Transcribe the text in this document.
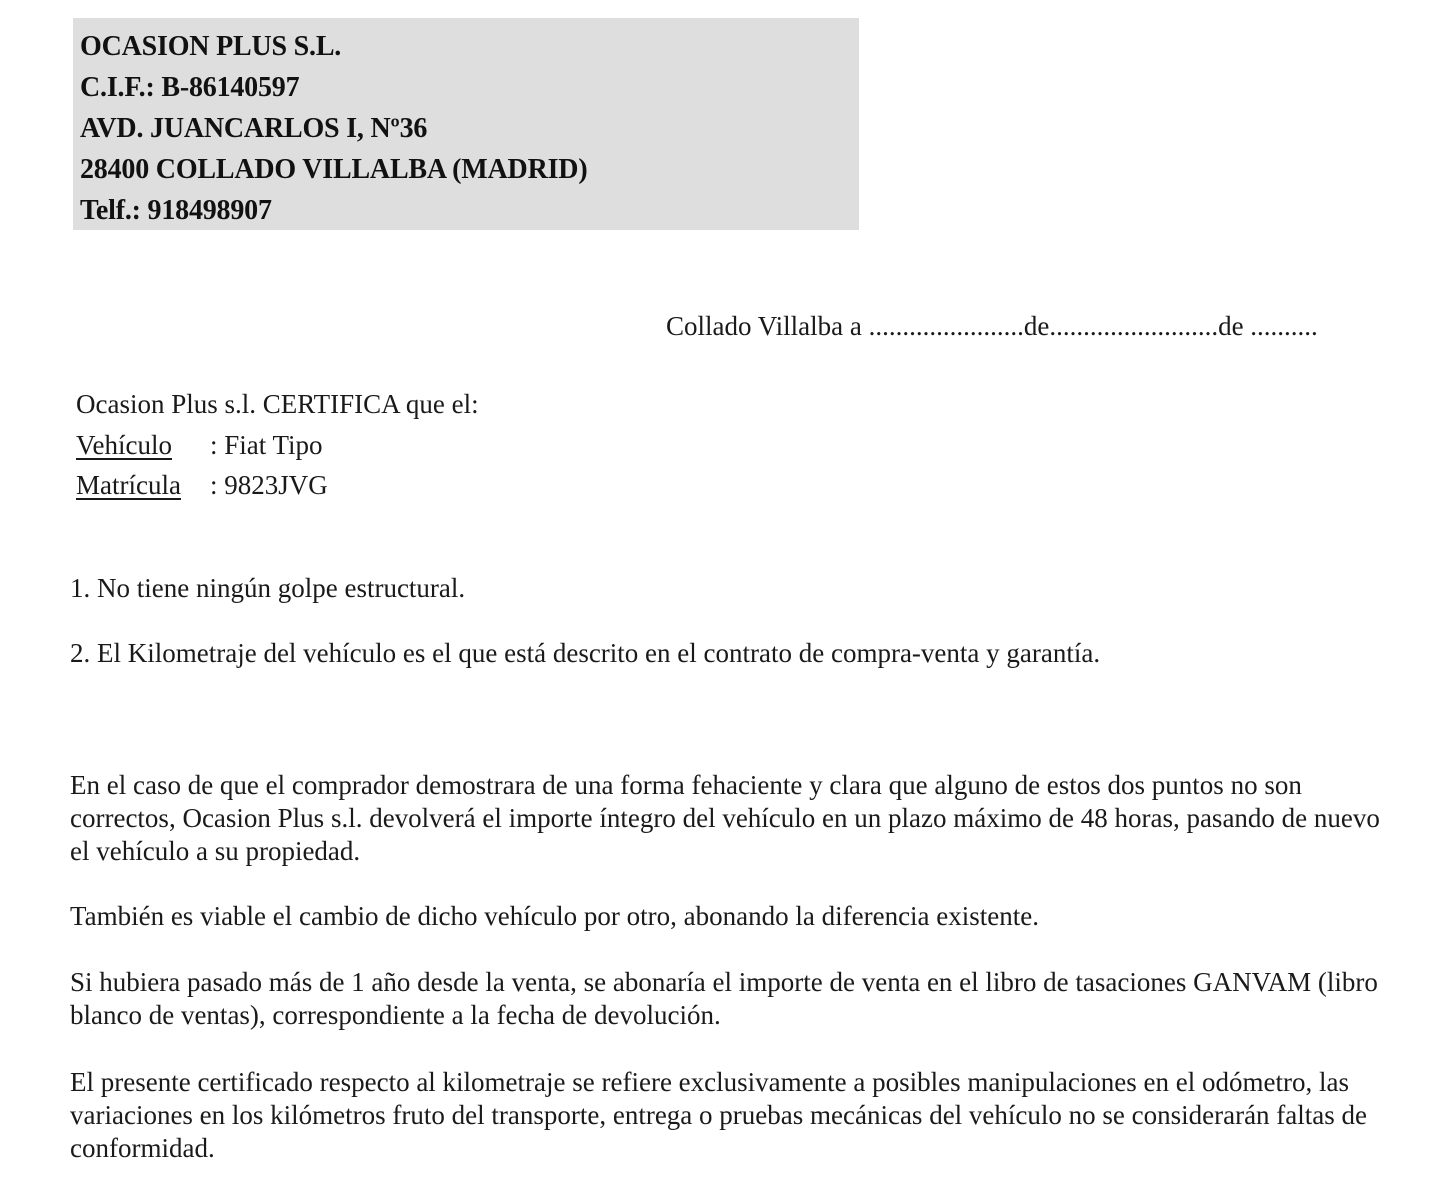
OCASION PLUS S.L.
C.I.F.: B-86140597
AVD. JUANCARLOS I, Nº36
28400 COLLADO VILLALBA (MADRID)
Telf.: 918498907
Collado Villalba a .......................de.........................de ..........
Ocasion Plus s.l. CERTIFICA que el:
Vehículo : Fiat Tipo
Matrícula : 9823JVG
1. No tiene ningún golpe estructural.
2. El Kilometraje del vehículo es el que está descrito en el contrato de compra-venta y garantía.

En el caso de que el comprador demostrara de una forma fehaciente y clara que alguno de estos dos puntos no son correctos, Ocasion Plus s.l. devolverá el importe íntegro del vehículo en un plazo máximo de 48 horas, pasando de nuevo el vehículo a su propiedad.

También es viable el cambio de dicho vehículo por otro, abonando la diferencia existente.

Si hubiera pasado más de 1 año desde la venta, se abonaría el importe de venta en el libro de tasaciones GANVAM (libro blanco de ventas), correspondiente a la fecha de devolución.

El presente certificado respecto al kilometraje se refiere exclusivamente a posibles manipulaciones en el odómetro, las variaciones en los kilómetros fruto del transporte, entrega o pruebas mecánicas del vehículo no se considerarán faltas de conformidad.
